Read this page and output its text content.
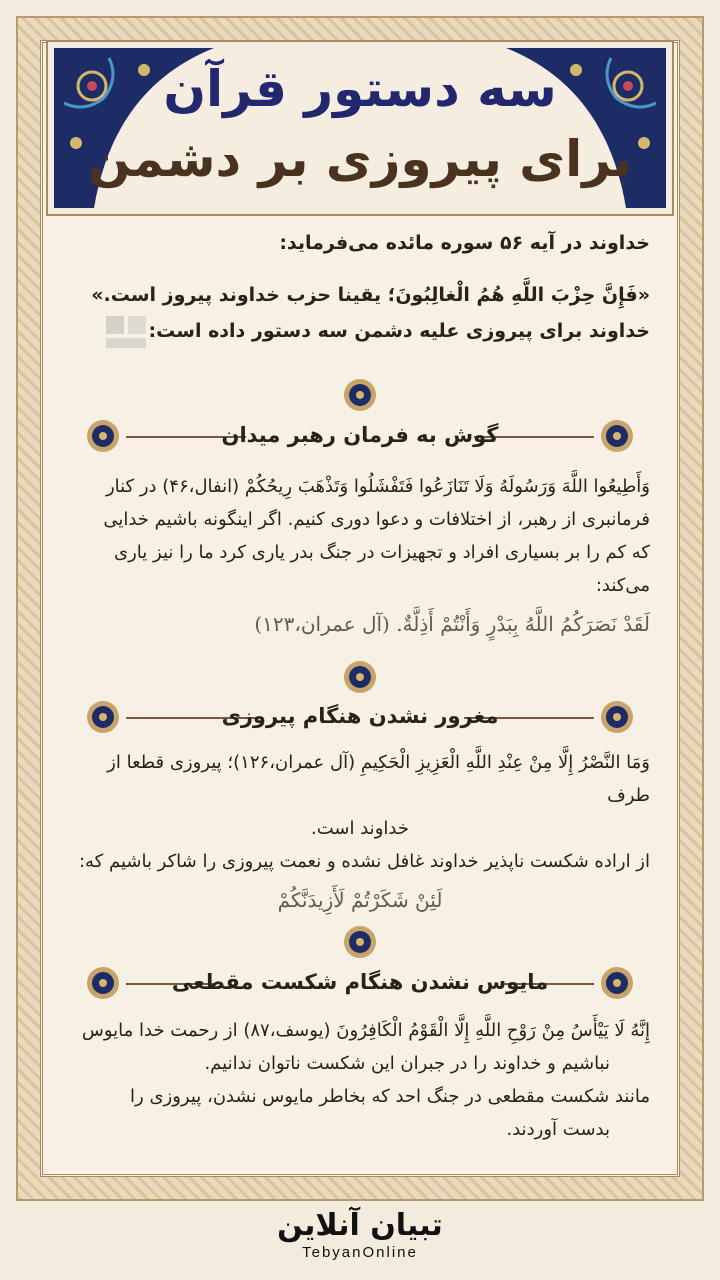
سه دستور قرآن
برای پیروزی بر دشمن
خداوند در آیه ۵۶ سوره مائده می‌فرماید:
«فَإِنَّ حِزْبَ اللَّهِ هُمُ الْغالِبُونَ؛ یقینا حزب خداوند پیروز است.»
خداوند برای پیروزی علیه دشمن سه دستور داده است:
گوش به فرمان رهبر میدان
وَأَطِیعُوا اللَّهَ وَرَسُولَهُ وَلَا تَنَازَعُوا فَتَفْشَلُوا وَتَذْهَبَ رِیحُکُمْ (انفال،۴۶) در کنار
فرمانبری از رهبر، از اختلافات و دعوا دوری کنیم. اگر اینگونه باشیم خدایی
که کم را بر بسیاری افراد و تجهیزات در جنگ بدر یاری کرد ما را نیز یاری می‌کند:
لَقَدْ نَصَرَکُمُ اللَّهُ بِبَدْرٍ وَأَنْتُمْ أَذِلَّةٌ. (آل عمران،۱۲۳)
مغرور نشدن هنگام پیروزی
وَمَا النَّصْرُ إِلَّا مِنْ عِنْدِ اللَّهِ الْعَزِیزِ الْحَکِیمِ (آل عمران،۱۲۶)؛ پیروزی قطعا از طرف
خداوند است.
از اراده شکست ناپذیر خداوند غافل نشده و نعمت پیروزی را شاکر باشیم که:
لَئِنْ شَکَرْتُمْ لَأَزِیدَنَّکُمْ
مایوس نشدن هنگام شکست مقطعی
إِنَّهُ لَا یَیْأَسُ مِنْ رَوْحِ اللَّهِ إِلَّا الْقَوْمُ الْکَافِرُونَ (یوسف،۸۷) از رحمت خدا مایوس
نباشیم و خداوند را در جبران این شکست ناتوان ندانیم.
مانند شکست مقطعی در جنگ احد که بخاطر مایوس نشدن، پیروزی را
بدست آوردند.
تبیان آنلاین
TebyanOnline
